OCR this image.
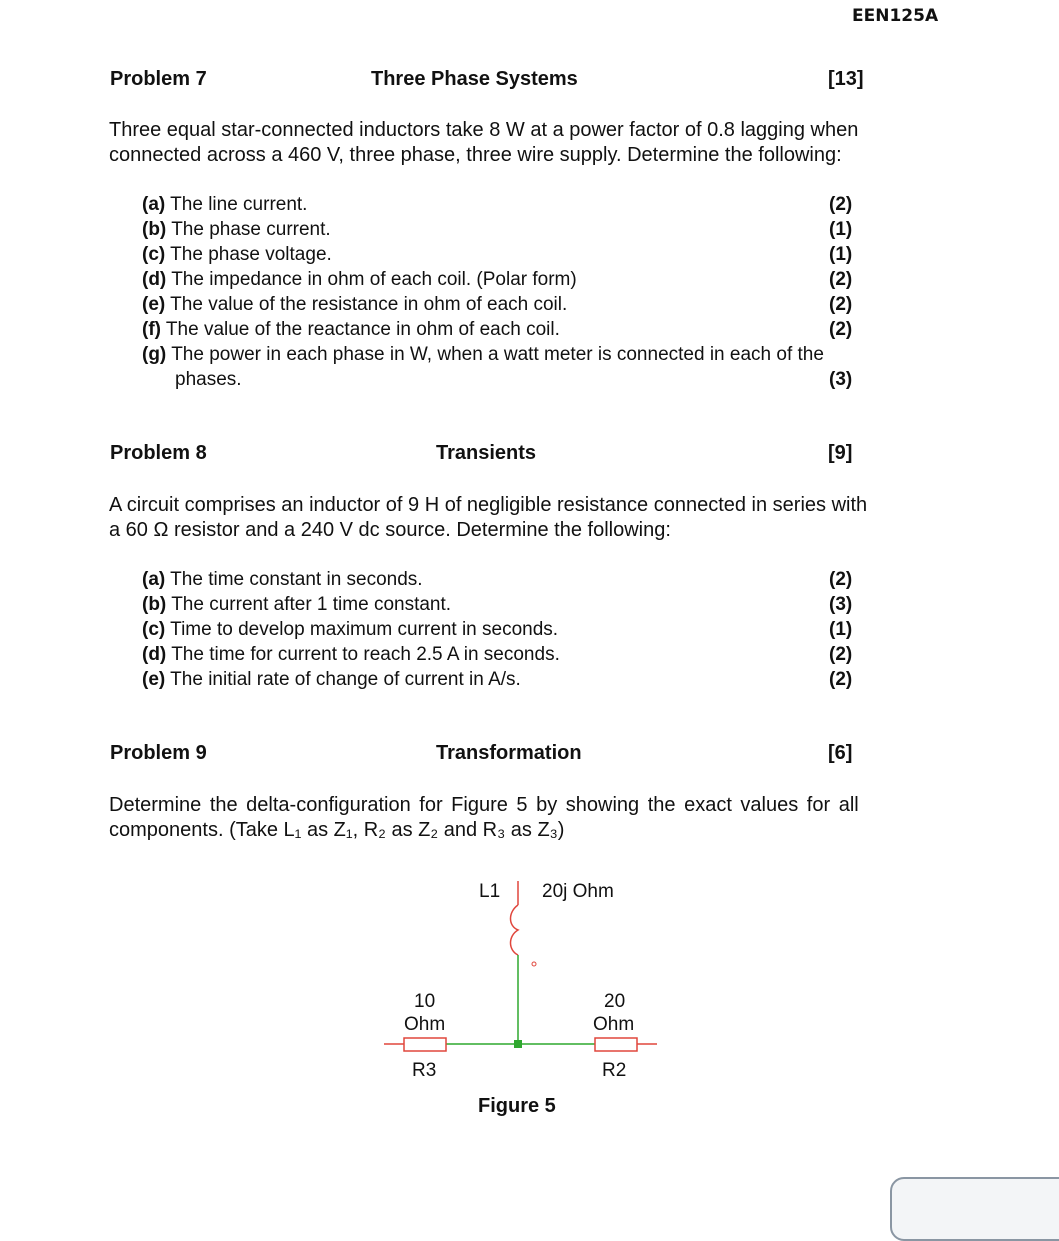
EEN125A
Problem 7	Three Phase Systems	[13]
Three equal star-connected inductors take 8 W at a power factor of 0.8 lagging when
connected across a 460 V, three phase, three wire supply. Determine the following:
(a) The line current.	(2)
(b) The phase current.	(1)
(c) The phase voltage.	(1)
(d) The impedance in ohm of each coil. (Polar form)	(2)
(e) The value of the resistance in ohm of each coil.	(2)
(f) The value of the reactance in ohm of each coil.	(2)
(g) The power in each phase in W, when a watt meter is connected in each of the
phases.	(3)
Problem 8	Transients	[9]
A circuit comprises an inductor of 9 H of negligible resistance connected in series with
a 60 Ω resistor and a 240 V dc source. Determine the following:
(a) The time constant in seconds.	(2)
(b) The current after 1 time constant.	(3)
(c) Time to develop maximum current in seconds.	(1)
(d) The time for current to reach 2.5 A in seconds.	(2)
(e) The initial rate of change of current in A/s.	(2)
Problem 9	Transformation	[6]
Determine the delta-configuration for Figure 5 by showing the exact values for all
components. (Take L₁ as Z₁, R₂ as Z₂ and R₃ as Z₃)
L1 20j Ohm
10
Ohm
R3
20
Ohm
R2
Figure 5
